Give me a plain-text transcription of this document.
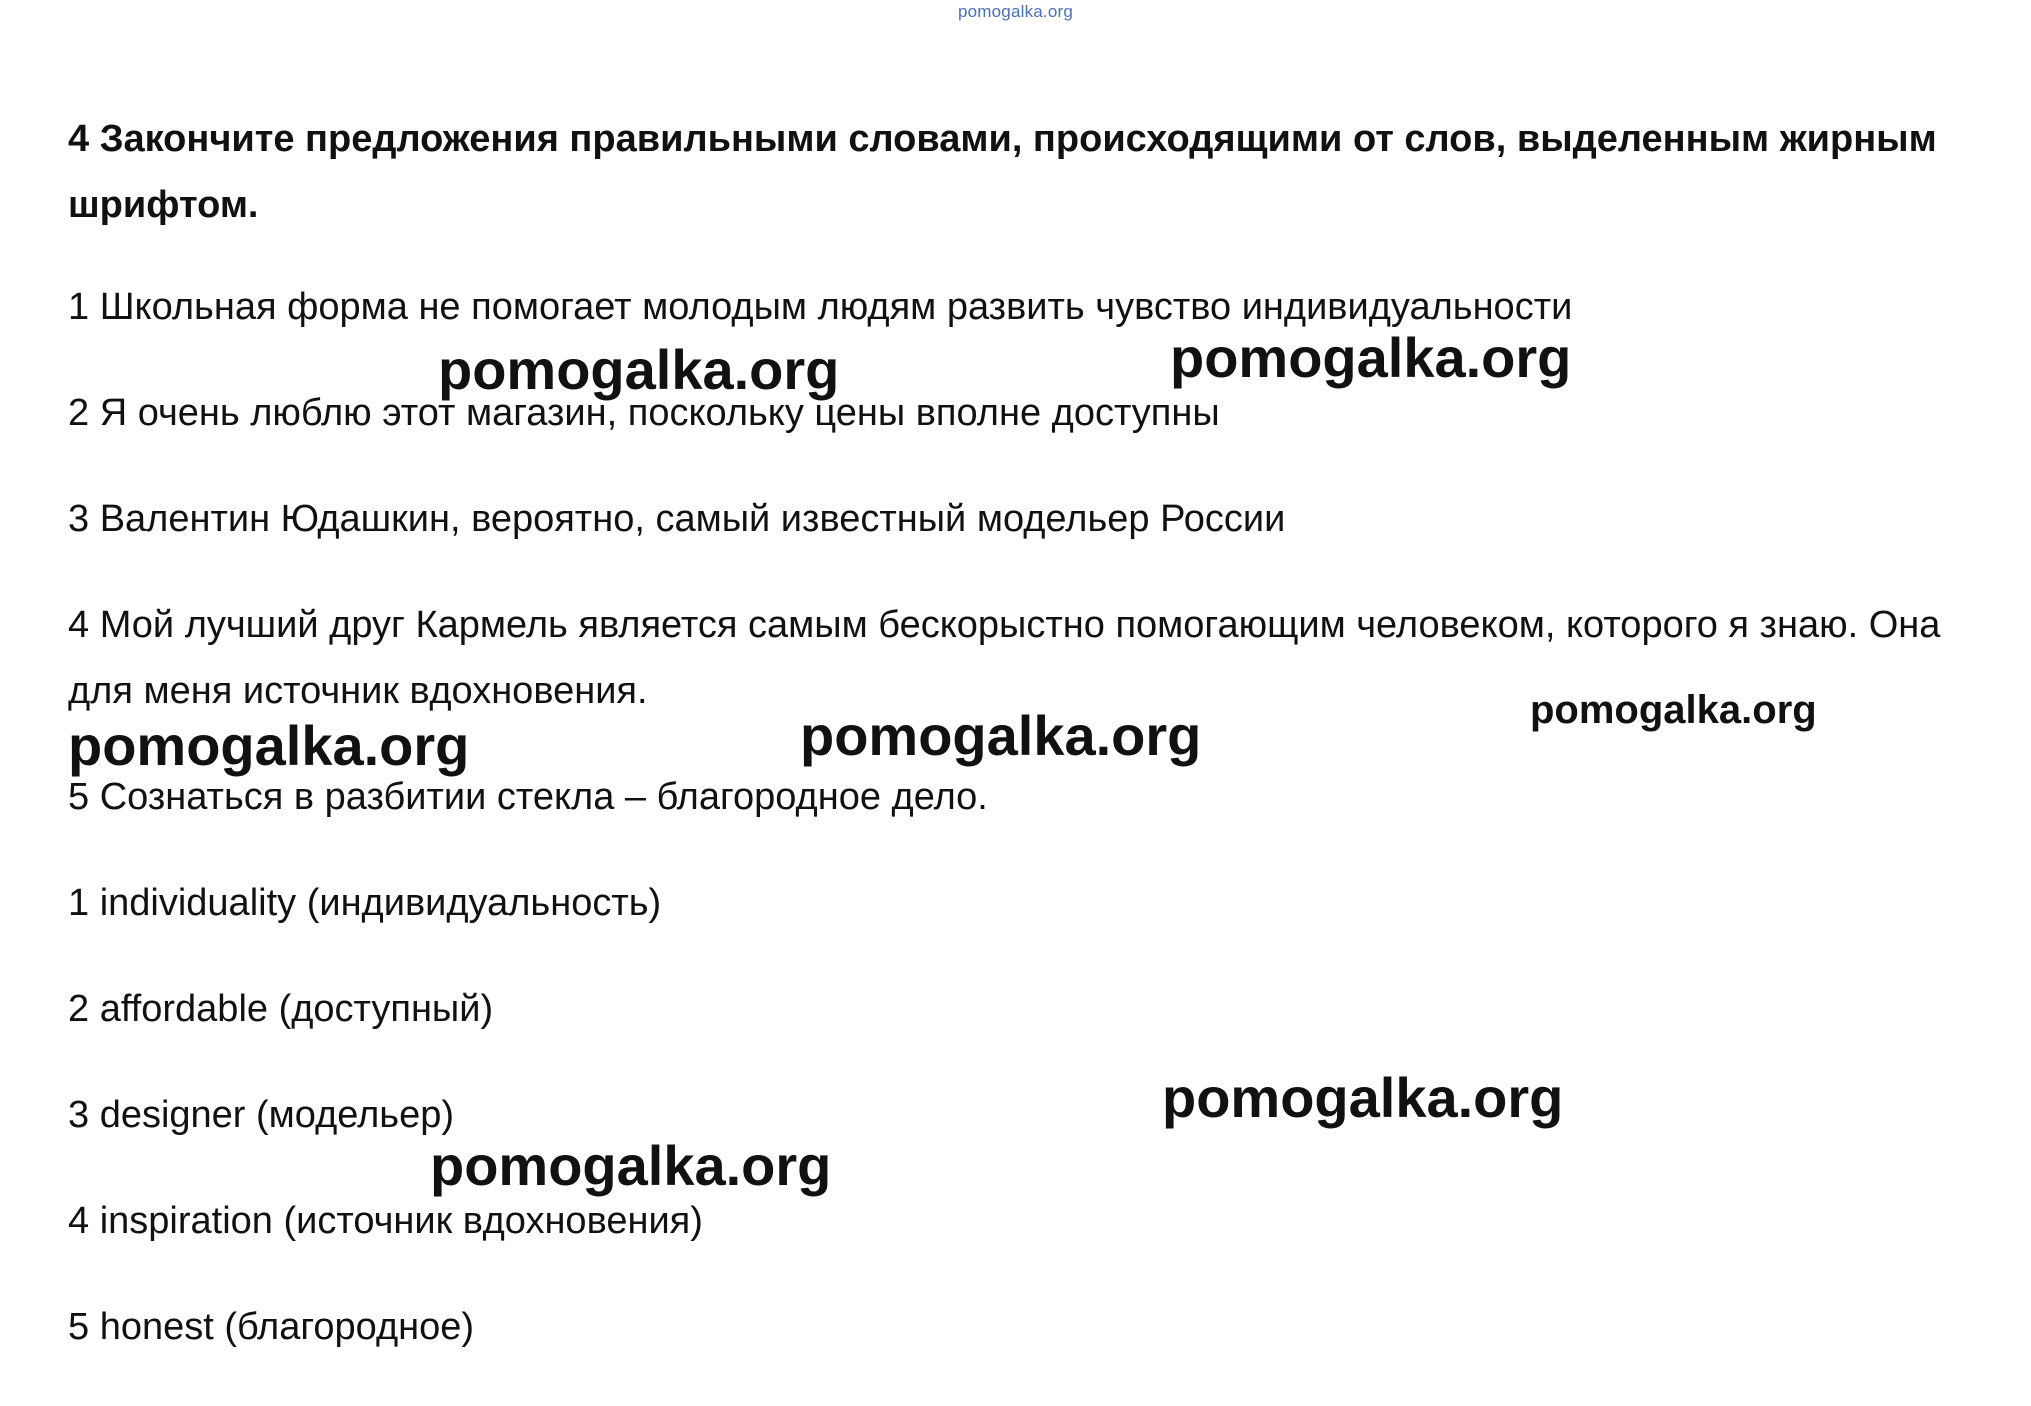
pomogalka.org
4 Закончите предложения правильными словами, происходящими от слов, выделенным жирным шрифтом.
1 Школьная форма не помогает молодым людям развить чувство индивидуальности
2 Я очень люблю этот магазин, поскольку цены вполне доступны
3 Валентин Юдашкин, вероятно, самый известный модельер России
4 Мой лучший друг Кармель является самым бескорыстно помогающим человеком, которого я знаю. Она для меня источник вдохновения.
5 Сознаться в разбитии стекла – благородное дело.
1 individuality (индивидуальность)
2 affordable (доступный)
3 designer (модельер)
4 inspiration (источник вдохновения)
5 honest (благородное)
pomogalka.org	pomogalka.org
pomogalka.org	pomogalka.org	pomogalka.org
pomogalka.org
pomogalka.org
